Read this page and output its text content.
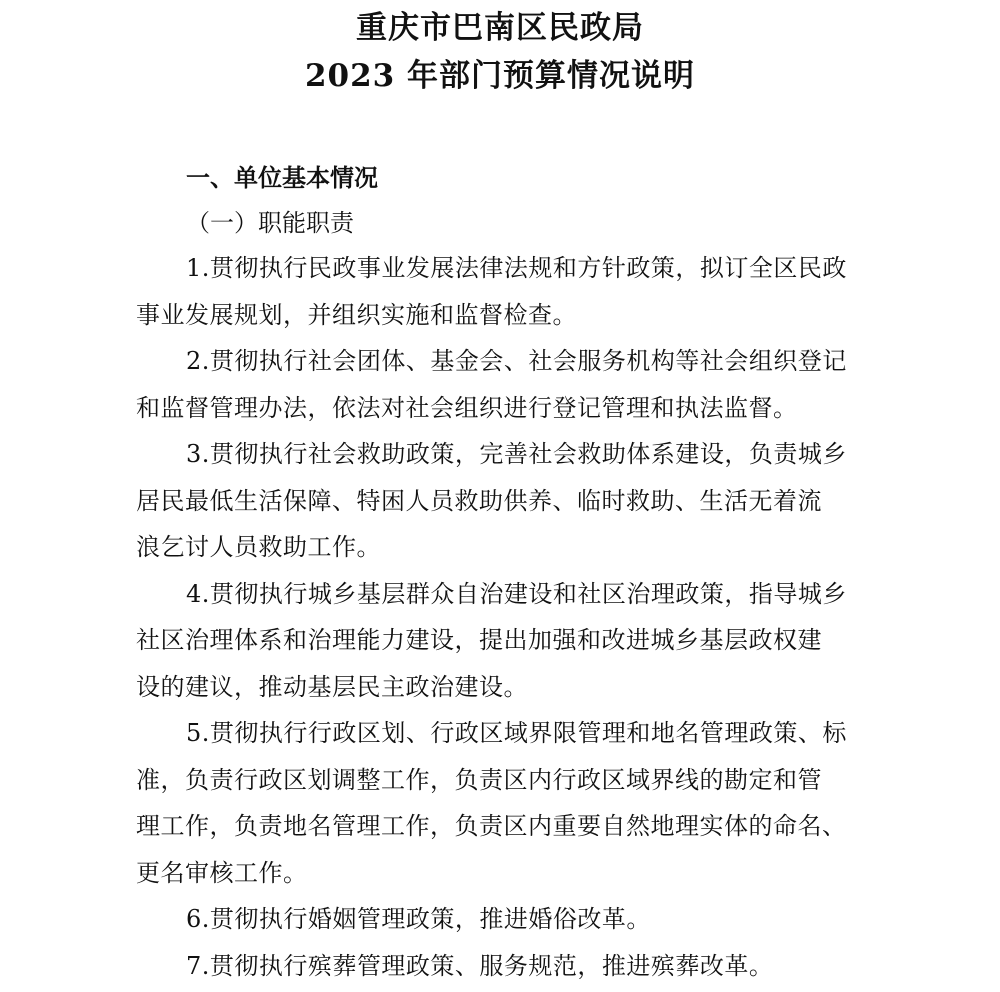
重庆市巴南区民政局
2023 年部门预算情况说明
一、单位基本情况
（一）职能职责
1.贯彻执行民政事业发展法律法规和方针政策，拟订全区民政
事业发展规划，并组织实施和监督检查。
2.贯彻执行社会团体、基金会、社会服务机构等社会组织登记
和监督管理办法，依法对社会组织进行登记管理和执法监督。
3.贯彻执行社会救助政策，完善社会救助体系建设，负责城乡
居民最低生活保障、特困人员救助供养、临时救助、生活无着流
浪乞讨人员救助工作。
4.贯彻执行城乡基层群众自治建设和社区治理政策，指导城乡
社区治理体系和治理能力建设，提出加强和改进城乡基层政权建
设的建议，推动基层民主政治建设。
5.贯彻执行行政区划、行政区域界限管理和地名管理政策、标
准，负责行政区划调整工作，负责区内行政区域界线的勘定和管
理工作，负责地名管理工作，负责区内重要自然地理实体的命名、
更名审核工作。
6.贯彻执行婚姻管理政策，推进婚俗改革。
7.贯彻执行殡葬管理政策、服务规范，推进殡葬改革。
